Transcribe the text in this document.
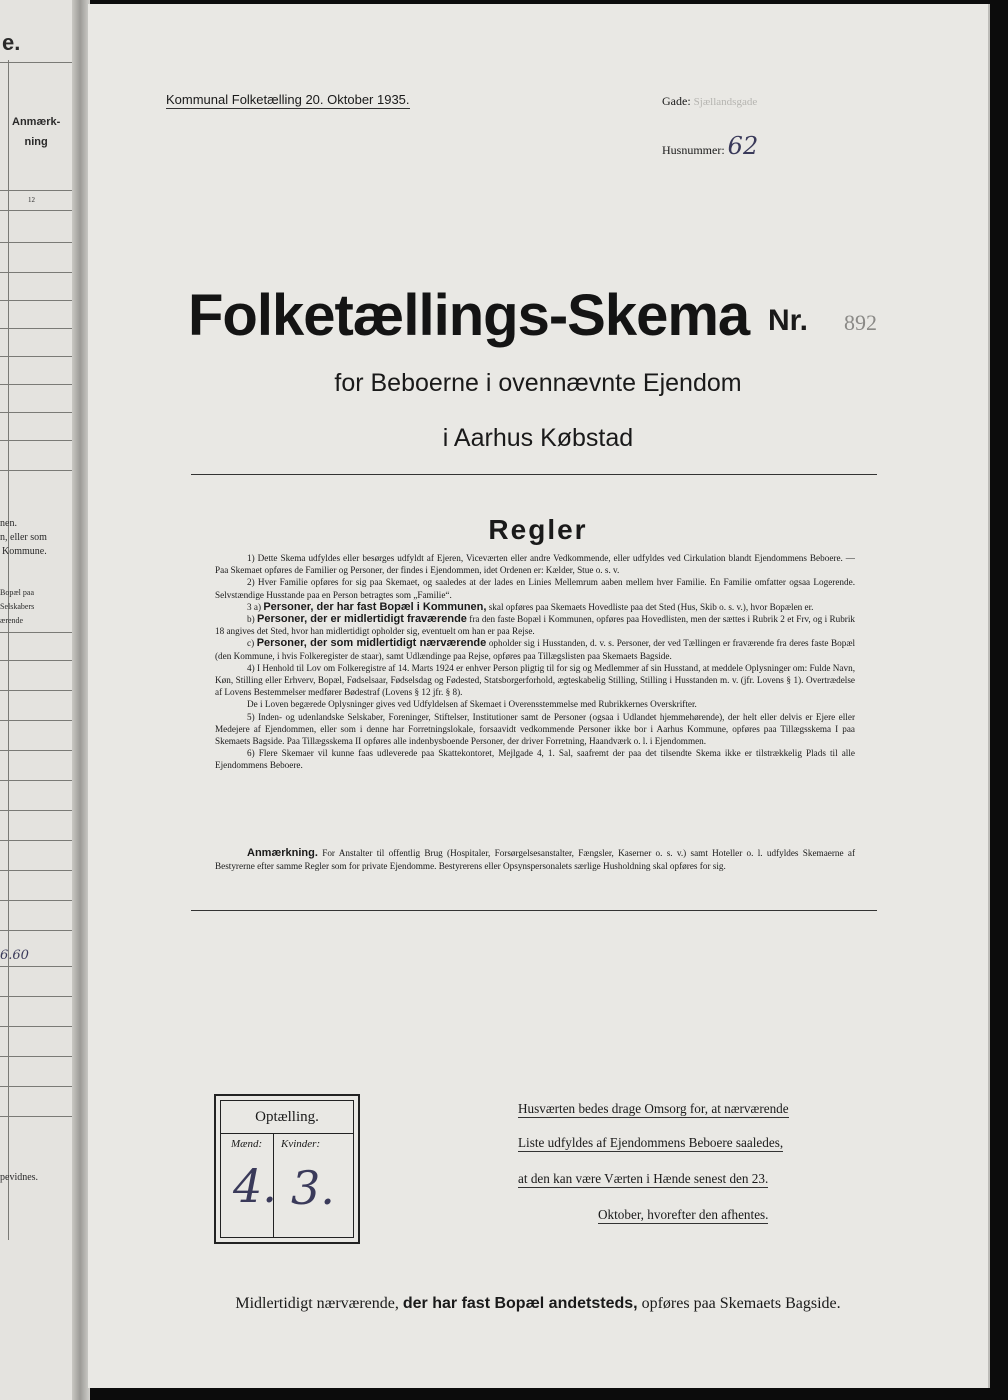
e.
Anmærk-
ning
12
nen.
n, eller som
Kommune.
Bopæl paa
Selskabers
ærende
6.60
pevidnes.
Kommunal Folketælling 20. Oktober 1935.	Gade: Sjællandsgade
Husnummer: 62
Folketællings-Skema Nr. 892
for Beboerne i ovennævnte Ejendom
i Aarhus Købstad
Regler

1) Dette Skema udfyldes eller besørges udfyldt af Ejeren, Viceværten eller andre Vedkommende, eller udfyldes ved Cirkulation blandt Ejendommens Beboere. — Paa Skemaet opføres de Familier og Personer, der findes i Ejendommen, idet Ordenen er: Kælder, Stue o. s. v.

2) Hver Familie opføres for sig paa Skemaet, og saaledes at der lades en Linies Mellemrum aaben mellem hver Familie. En Familie omfatter ogsaa Logerende. Selvstændige Husstande paa en Person betragtes som „Familie“.

3 a) Personer, der har fast Bopæl i Kommunen, skal opføres paa Skemaets Hovedliste paa det Sted (Hus, Skib o. s. v.), hvor Bopælen er.

b) Personer, der er midlertidigt fraværende fra den faste Bopæl i Kommunen, opføres paa Hovedlisten, men der sættes i Rubrik 2 et Frv, og i Rubrik 18 angives det Sted, hvor han midlertidigt opholder sig, eventuelt om han er paa Rejse.

c) Personer, der som midlertidigt nærværende opholder sig i Husstanden, d. v. s. Personer, der ved Tællingen er fraværende fra deres faste Bopæl (den Kommune, i hvis Folkeregister de staar), samt Udlændinge paa Rejse, opføres paa Tillægslisten paa Skemaets Bagside.

4) I Henhold til Lov om Folkeregistre af 14. Marts 1924 er enhver Person pligtig til for sig og Medlemmer af sin Husstand, at meddele Oplysninger om: Fulde Navn, Køn, Stilling eller Erhverv, Bopæl, Fødselsaar, Fødselsdag og Fødested, Statsborgerforhold, ægteskabelig Stilling, Stilling i Husstanden m. v. (jfr. Lovens § 1). Overtrædelse af Lovens Bestemmelser medfører Bødestraf (Lovens § 12 jfr. § 8).

De i Loven begærede Oplysninger gives ved Udfyldelsen af Skemaet i Overensstemmelse med Rubrikkernes Overskrifter.

5) Inden- og udenlandske Selskaber, Foreninger, Stiftelser, Institutioner samt de Personer (ogsaa i Udlandet hjemmehørende), der helt eller delvis er Ejere eller Medejere af Ejendommen, eller som i denne har Forretningslokale, forsaavidt vedkommende Personer ikke bor i Aarhus Kommune, opføres paa Tillægsskema I paa Skemaets Bagside. Paa Tillægsskema II opføres alle indenbysboende Personer, der driver Forretning, Haandværk o. l. i Ejendommen.

6) Flere Skemaer vil kunne faas udleverede paa Skattekontoret, Mejlgade 4, 1. Sal, saafremt der paa det tilsendte Skema ikke er tilstrækkelig Plads til alle Ejendommens Beboere.

Anmærkning. For Anstalter til offentlig Brug (Hospitaler, Forsørgelsesanstalter, Fængsler, Kaserner o. s. v.) samt Hoteller o. l. udfyldes Skemaerne af Bestyrerne efter samme Regler som for private Ejendomme. Bestyrerens eller Opsynspersonalets særlige Husholdning skal opføres for sig.

Optælling.
Mænd: Kvinder:
4. 3.
Husværten bedes drage Omsorg for, at nærværende
Liste udfyldes af Ejendommens Beboere saaledes,
at den kan være Værten i Hænde senest den 23.
Oktober, hvorefter den afhentes.
Midlertidigt nærværende, der har fast Bopæl andetsteds, opføres paa Skemaets Bagside.
